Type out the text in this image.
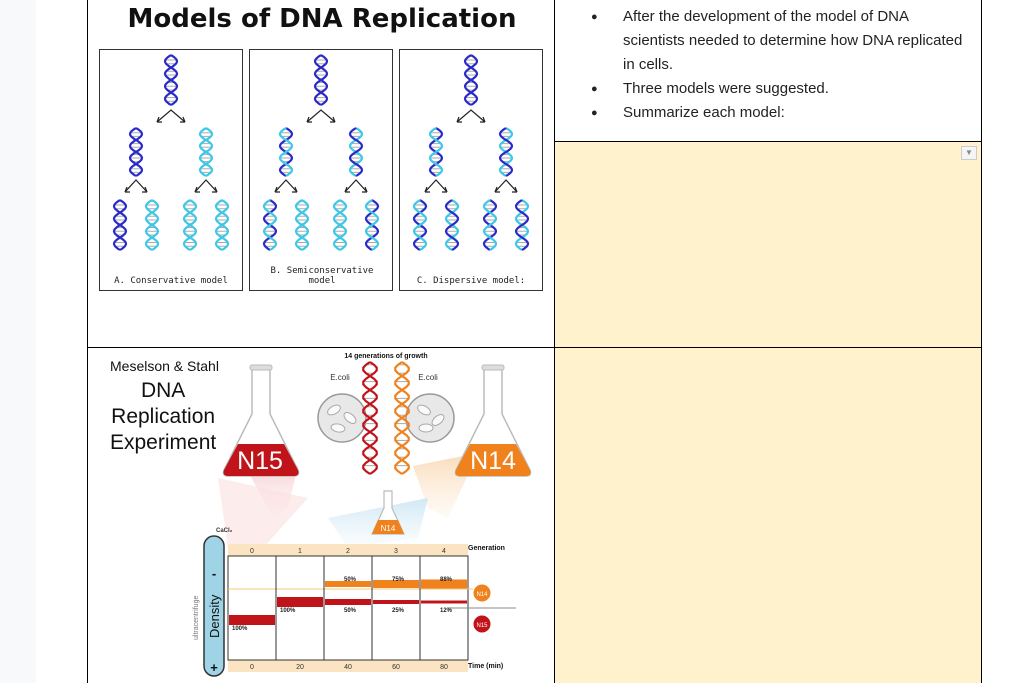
Models of DNA Replication
A. Conservative model
B. Semiconservative model	C. Dispersive model:
● After the development of the model of DNA scientists needed to determine how DNA replicated in cells.
● Three models were suggested.
● Summarize each model:
▼
Meselson & Stahl
DNA
Replication
Experiment
14 generations of growth
E.coli	E.coli
N15	N14
N14
CaCl₂
-
+
Density
ultracentrifuge
0
0
100%
1
20
100%
2
40
50%
50%
3
60
75%
25%
4
80
88%
12%
Generation
Time (min)
N14
N15
